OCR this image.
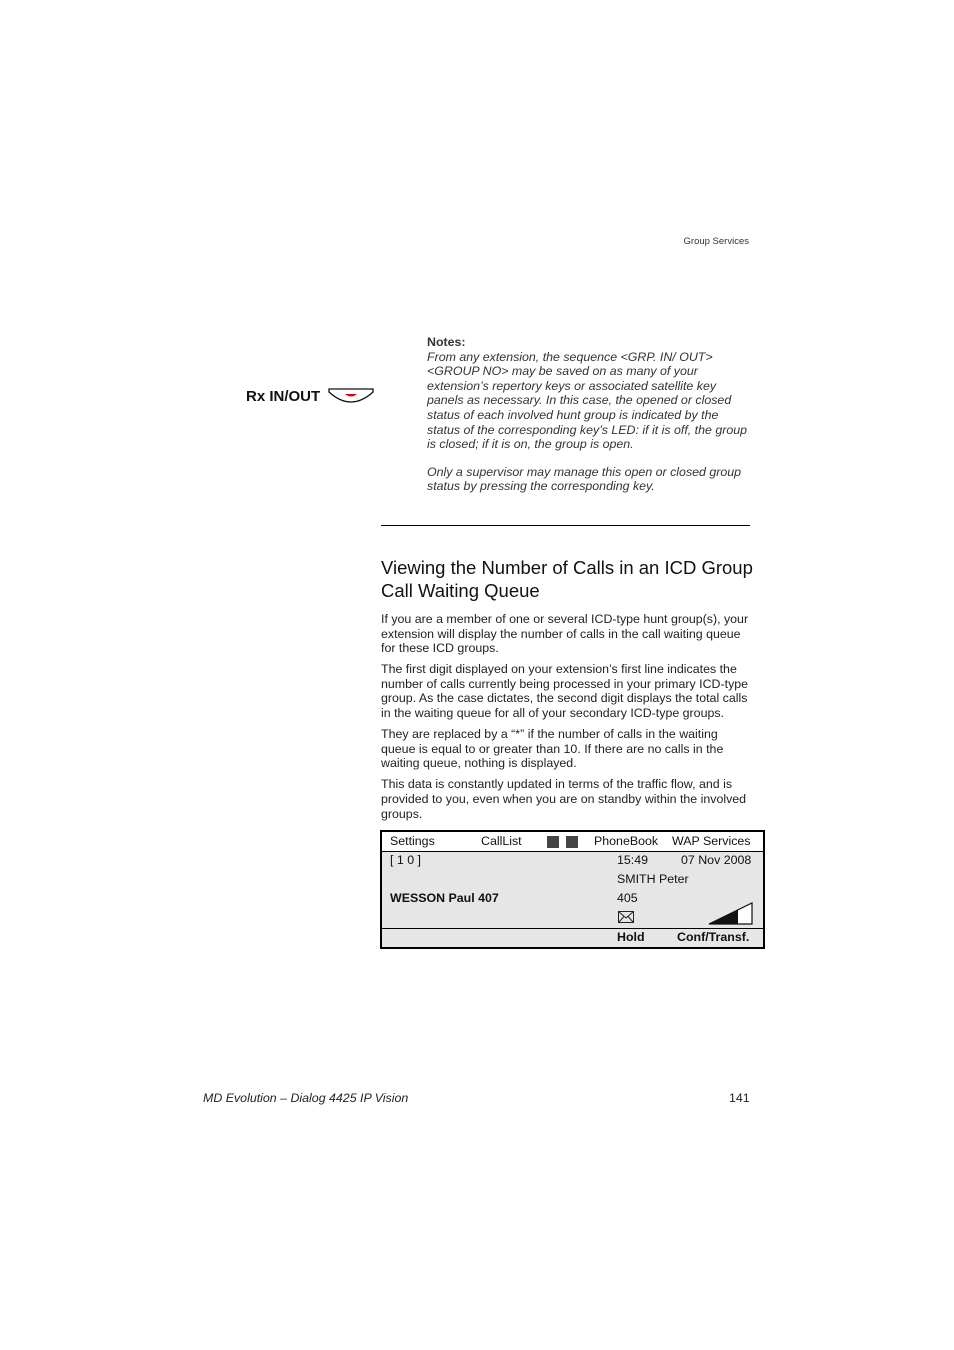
Group Services

Notes:

From any extension, the sequence <GRP. IN/ OUT><GROUP NO> may be saved on as many of your extension’s repertory keys or associated satellite key panels as necessary. In this case, the opened or closed status of each involved hunt group is indicated by the status of the corresponding key’s LED: if it is off, the group is closed; if it is on, the group is open.

Only a supervisor may manage this open or closed group status by pressing the corresponding key.

Rx IN/OUT
Viewing the Number of Calls in an ICD Group Call Waiting Queue

If you are a member of one or several ICD-type hunt group(s), your extension will display the number of calls in the call waiting queue for these ICD groups.

The first digit displayed on your extension’s first line indicates the number of calls currently being processed in your primary ICD-type group. As the case dictates, the second digit displays the total calls in the waiting queue for all of your secondary ICD-type groups.

They are replaced by a “*” if the number of calls in the waiting queue is equal to or greater than 10. If there are no calls in the waiting queue, nothing is displayed.

This data is constantly updated in terms of the traffic flow, and is provided to you, even when you are on standby within the involved groups.

Settings	CallList	PhoneBook WAP Services
[ 1 0 ]	15:49	07 Nov 2008
SMITH Peter
WESSON Paul 407	405
Hold	Conf/Transf.
MD Evolution – Dialog 4425 IP Vision	141
